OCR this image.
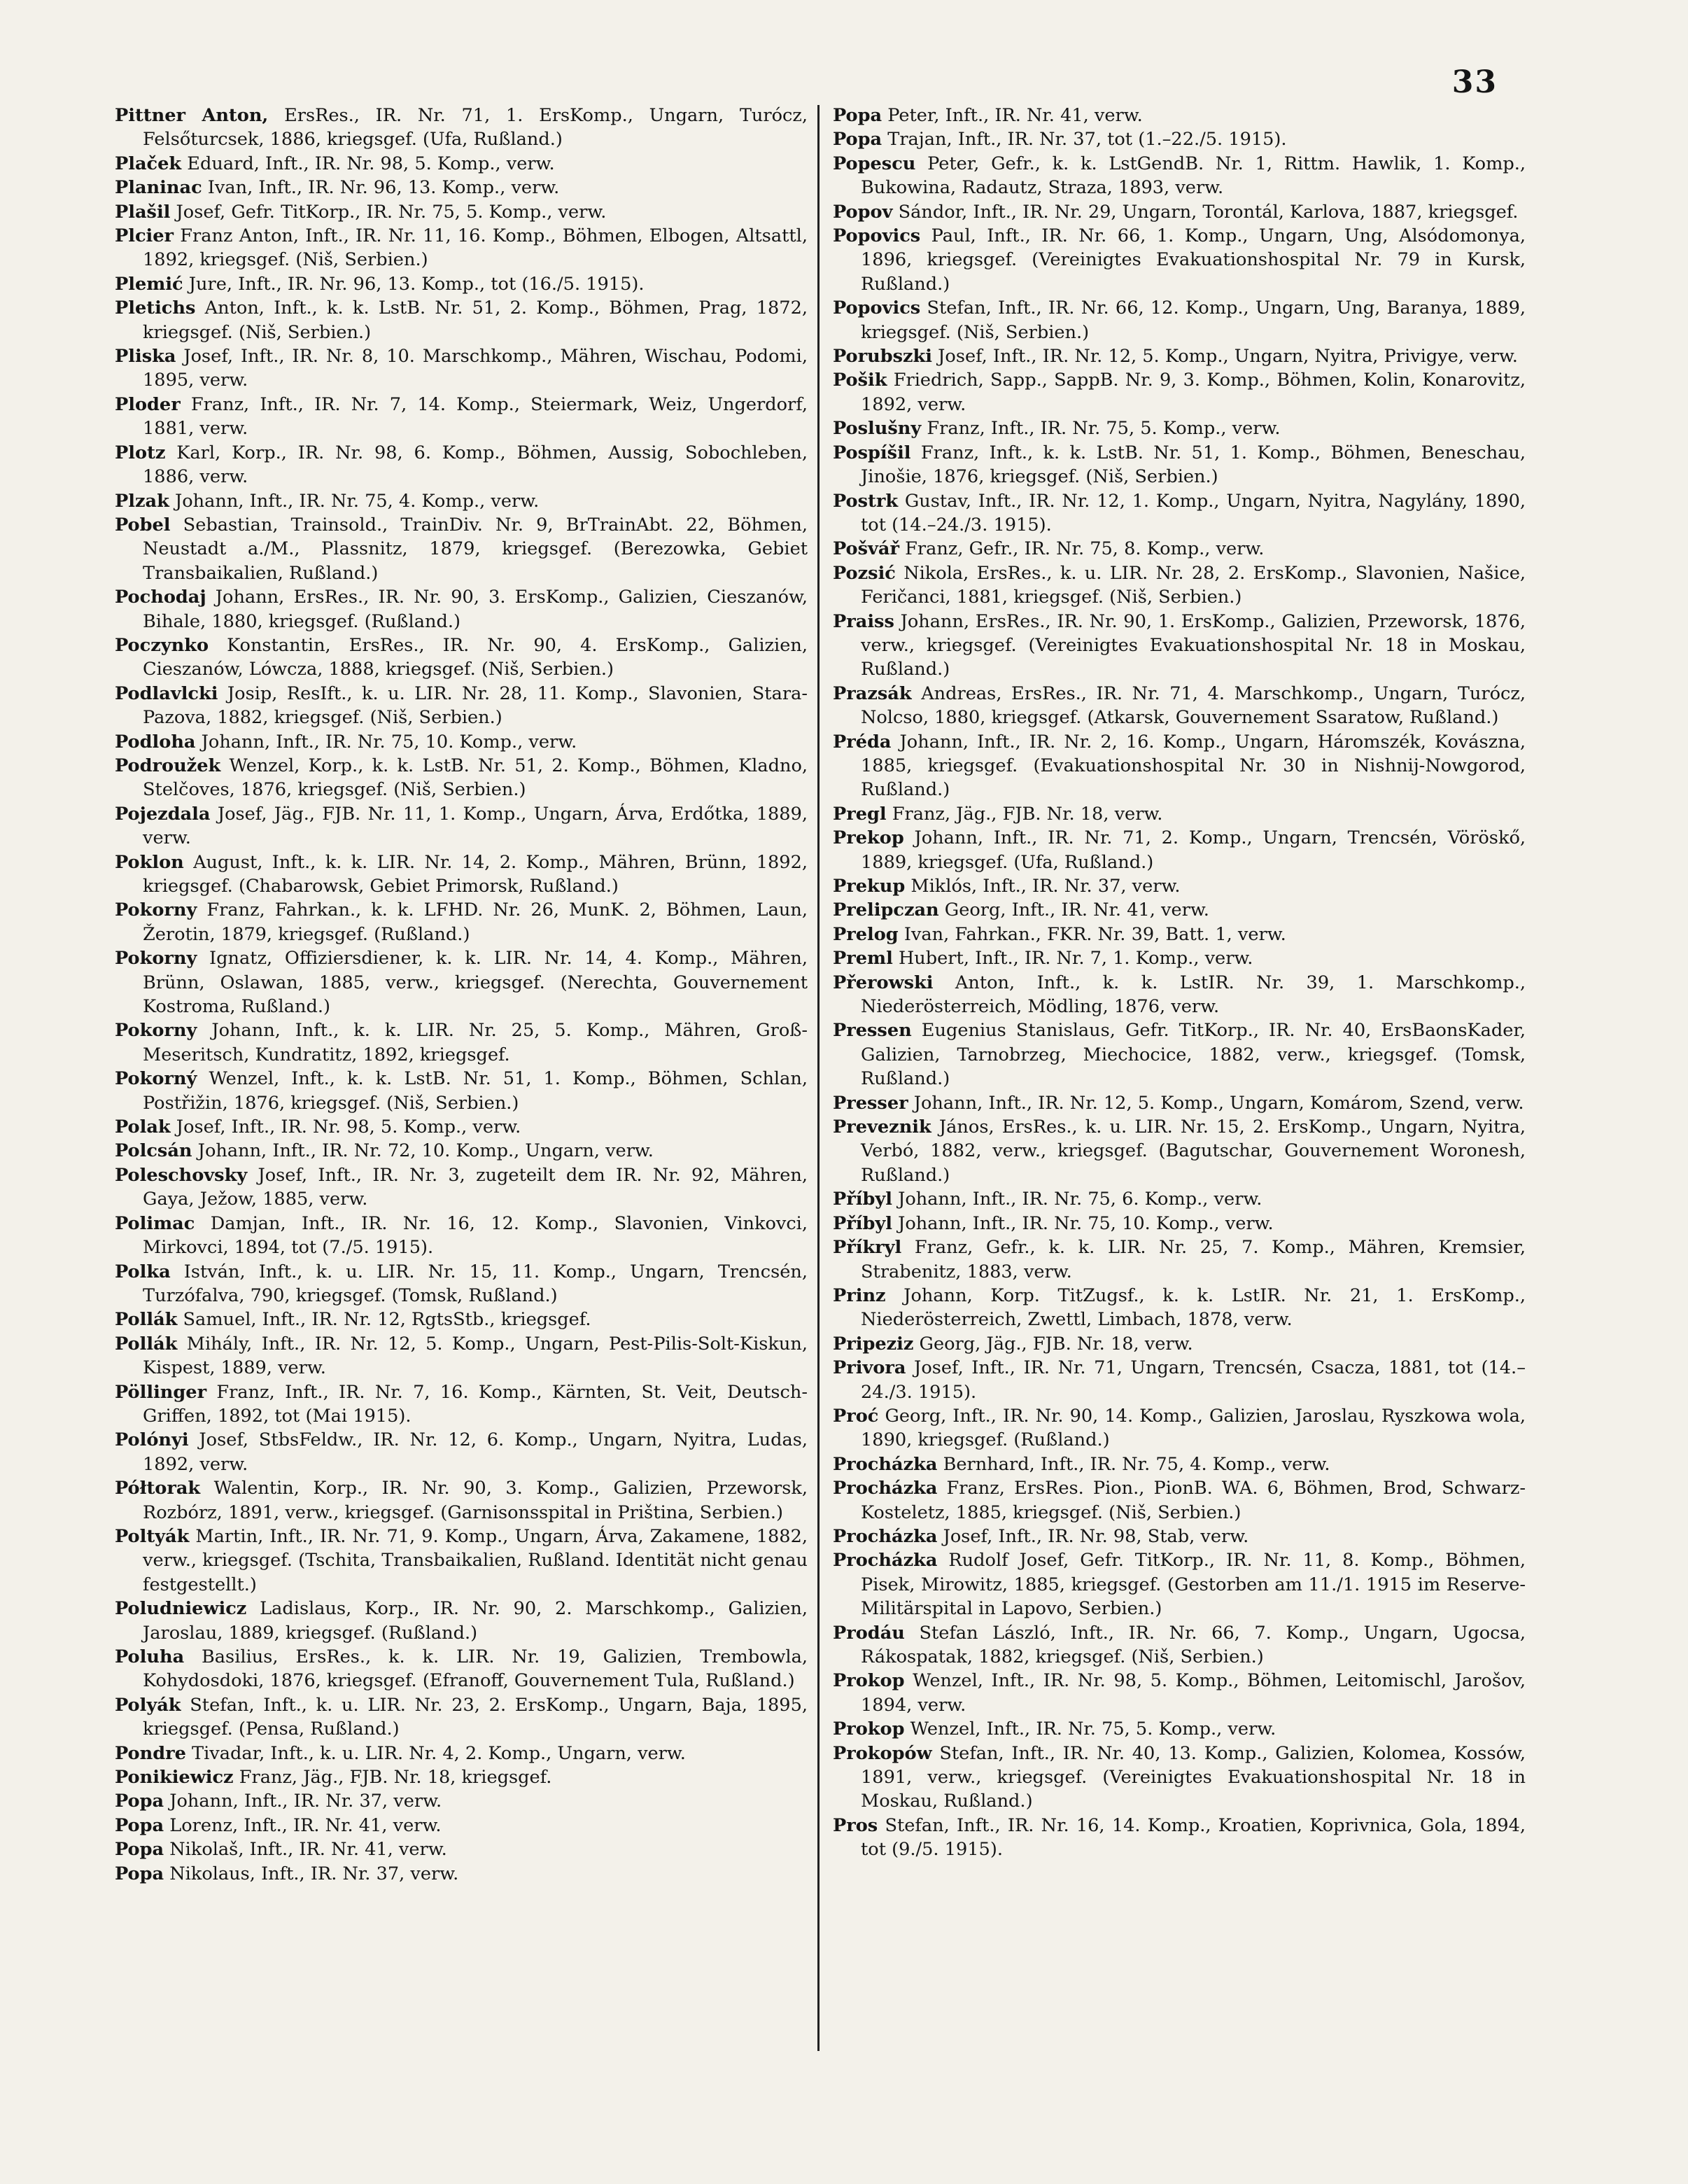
33

Pittner Anton, ErsRes., IR. Nr. 71, 1. ErsKomp., Ungarn, Turócz, Felsőturcsek, 1886, kriegsgef. (Ufa, Rußland.)

Plaček Eduard, Inft., IR. Nr. 98, 5. Komp., verw.

Planinac Ivan, Inft., IR. Nr. 96, 13. Komp., verw.

Plašil Josef, Gefr. TitKorp., IR. Nr. 75, 5. Komp., verw.

Plcier Franz Anton, Inft., IR. Nr. 11, 16. Komp., Böhmen, Elbogen, Altsattl, 1892, kriegsgef. (Niš, Serbien.)

Plemić Jure, Inft., IR. Nr. 96, 13. Komp., tot (16./5. 1915).

Pletichs Anton, Inft., k. k. LstB. Nr. 51, 2. Komp., Böhmen, Prag, 1872, kriegsgef. (Niš, Serbien.)

Pliska Josef, Inft., IR. Nr. 8, 10. Marschkomp., Mähren, Wischau, Podomi, 1895, verw.

Ploder Franz, Inft., IR. Nr. 7, 14. Komp., Steiermark, Weiz, Ungerdorf, 1881, verw.

Plotz Karl, Korp., IR. Nr. 98, 6. Komp., Böhmen, Aussig, Sobochleben, 1886, verw.

Plzak Johann, Inft., IR. Nr. 75, 4. Komp., verw.

Pobel Sebastian, Trainsold., TrainDiv. Nr. 9, BrTrainAbt. 22, Böhmen, Neustadt a./M., Plassnitz, 1879, kriegsgef. (Berezowka, Gebiet Transbaikalien, Rußland.)

Pochodaj Johann, ErsRes., IR. Nr. 90, 3. ErsKomp., Galizien, Cieszanów, Bihale, 1880, kriegsgef. (Rußland.)

Poczynko Konstantin, ErsRes., IR. Nr. 90, 4. ErsKomp., Galizien, Cieszanów, Lówcza, 1888, kriegsgef. (Niš, Serbien.)

Podlavlcki Josip, ResIft., k. u. LIR. Nr. 28, 11. Komp., Slavonien, Stara-Pazova, 1882, kriegsgef. (Niš, Serbien.)

Podloha Johann, Inft., IR. Nr. 75, 10. Komp., verw.

Podroužek Wenzel, Korp., k. k. LstB. Nr. 51, 2. Komp., Böhmen, Kladno, Stelčoves, 1876, kriegsgef. (Niš, Serbien.)

Pojezdala Josef, Jäg., FJB. Nr. 11, 1. Komp., Ungarn, Árva, Erdőtka, 1889, verw.

Poklon August, Inft., k. k. LIR. Nr. 14, 2. Komp., Mähren, Brünn, 1892, kriegsgef. (Chabarowsk, Gebiet Primorsk, Rußland.)

Pokorny Franz, Fahrkan., k. k. LFHD. Nr. 26, MunK. 2, Böhmen, Laun, Žerotin, 1879, kriegsgef. (Rußland.)

Pokorny Ignatz, Offiziersdiener, k. k. LIR. Nr. 14, 4. Komp., Mähren, Brünn, Oslawan, 1885, verw., kriegsgef. (Nerechta, Gouvernement Kostroma, Rußland.)

Pokorny Johann, Inft., k. k. LIR. Nr. 25, 5. Komp., Mähren, Groß-Meseritsch, Kundratitz, 1892, kriegsgef.

Pokorný Wenzel, Inft., k. k. LstB. Nr. 51, 1. Komp., Böhmen, Schlan, Postřižin, 1876, kriegsgef. (Niš, Serbien.)

Polak Josef, Inft., IR. Nr. 98, 5. Komp., verw.

Polcsán Johann, Inft., IR. Nr. 72, 10. Komp., Ungarn, verw.

Poleschovsky Josef, Inft., IR. Nr. 3, zugeteilt dem IR. Nr. 92, Mähren, Gaya, Ježow, 1885, verw.

Polimac Damjan, Inft., IR. Nr. 16, 12. Komp., Slavonien, Vinkovci, Mirkovci, 1894, tot (7./5. 1915).

Polka István, Inft., k. u. LIR. Nr. 15, 11. Komp., Ungarn, Trencsén, Turzófalva, 790, kriegsgef. (Tomsk, Rußland.)

Pollák Samuel, Inft., IR. Nr. 12, RgtsStb., kriegsgef.

Pollák Mihály, Inft., IR. Nr. 12, 5. Komp., Ungarn, Pest-Pilis-Solt-Kiskun, Kispest, 1889, verw.

Pöllinger Franz, Inft., IR. Nr. 7, 16. Komp., Kärnten, St. Veit, Deutsch-Griffen, 1892, tot (Mai 1915).

Polónyi Josef, StbsFeldw., IR. Nr. 12, 6. Komp., Ungarn, Nyitra, Ludas, 1892, verw.

Półtorak Walentin, Korp., IR. Nr. 90, 3. Komp., Galizien, Przeworsk, Rozbórz, 1891, verw., kriegsgef. (Garnisonsspital in Priština, Serbien.)

Poltyák Martin, Inft., IR. Nr. 71, 9. Komp., Ungarn, Árva, Zakamene, 1882, verw., kriegsgef. (Tschita, Transbaikalien, Rußland. Identität nicht genau festgestellt.)

Poludniewicz Ladislaus, Korp., IR. Nr. 90, 2. Marschkomp., Galizien, Jaroslau, 1889, kriegsgef. (Rußland.)

Poluha Basilius, ErsRes., k. k. LIR. Nr. 19, Galizien, Trembowla, Kohydosdoki, 1876, kriegsgef. (Efranoff, Gouvernement Tula, Rußland.)

Polyák Stefan, Inft., k. u. LIR. Nr. 23, 2. ErsKomp., Ungarn, Baja, 1895, kriegsgef. (Pensa, Rußland.)

Pondre Tivadar, Inft., k. u. LIR. Nr. 4, 2. Komp., Ungarn, verw.

Ponikiewicz Franz, Jäg., FJB. Nr. 18, kriegsgef.

Popa Johann, Inft., IR. Nr. 37, verw.

Popa Lorenz, Inft., IR. Nr. 41, verw.

Popa Nikolaš, Inft., IR. Nr. 41, verw.

Popa Nikolaus, Inft., IR. Nr. 37, verw.

Popa Peter, Inft., IR. Nr. 41, verw.

Popa Trajan, Inft., IR. Nr. 37, tot (1.–22./5. 1915).

Popescu Peter, Gefr., k. k. LstGendB. Nr. 1, Rittm. Hawlik, 1. Komp., Bukowina, Radautz, Straza, 1893, verw.

Popov Sándor, Inft., IR. Nr. 29, Ungarn, Torontál, Karlova, 1887, kriegsgef.

Popovics Paul, Inft., IR. Nr. 66, 1. Komp., Ungarn, Ung, Alsódomonya, 1896, kriegsgef. (Vereinigtes Evakuationshospital Nr. 79 in Kursk, Rußland.)

Popovics Stefan, Inft., IR. Nr. 66, 12. Komp., Ungarn, Ung, Baranya, 1889, kriegsgef. (Niš, Serbien.)

Porubszki Josef, Inft., IR. Nr. 12, 5. Komp., Ungarn, Nyitra, Privigye, verw.

Pošik Friedrich, Sapp., SappB. Nr. 9, 3. Komp., Böhmen, Kolin, Konarovitz, 1892, verw.

Poslušny Franz, Inft., IR. Nr. 75, 5. Komp., verw.

Pospíšil Franz, Inft., k. k. LstB. Nr. 51, 1. Komp., Böhmen, Beneschau, Jinošie, 1876, kriegsgef. (Niš, Serbien.)

Postrk Gustav, Inft., IR. Nr. 12, 1. Komp., Ungarn, Nyitra, Nagylány, 1890, tot (14.–24./3. 1915).

Pošvář Franz, Gefr., IR. Nr. 75, 8. Komp., verw.

Pozsić Nikola, ErsRes., k. u. LIR. Nr. 28, 2. ErsKomp., Slavonien, Našice, Feričanci, 1881, kriegsgef. (Niš, Serbien.)

Praiss Johann, ErsRes., IR. Nr. 90, 1. ErsKomp., Galizien, Przeworsk, 1876, verw., kriegsgef. (Vereinigtes Evakuationshospital Nr. 18 in Moskau, Rußland.)

Prazsák Andreas, ErsRes., IR. Nr. 71, 4. Marschkomp., Ungarn, Turócz, Nolcso, 1880, kriegsgef. (Atkarsk, Gouvernement Ssaratow, Rußland.)

Préda Johann, Inft., IR. Nr. 2, 16. Komp., Ungarn, Háromszék, Kovászna, 1885, kriegsgef. (Evakuationshospital Nr. 30 in Nishnij-Nowgorod, Rußland.)

Pregl Franz, Jäg., FJB. Nr. 18, verw.

Prekop Johann, Inft., IR. Nr. 71, 2. Komp., Ungarn, Trencsén, Vöröskő, 1889, kriegsgef. (Ufa, Rußland.)

Prekup Miklós, Inft., IR. Nr. 37, verw.

Prelipczan Georg, Inft., IR. Nr. 41, verw.

Prelog Ivan, Fahrkan., FKR. Nr. 39, Batt. 1, verw.

Preml Hubert, Inft., IR. Nr. 7, 1. Komp., verw.

Přerowski Anton, Inft., k. k. LstIR. Nr. 39, 1. Marschkomp., Niederösterreich, Mödling, 1876, verw.

Pressen Eugenius Stanislaus, Gefr. TitKorp., IR. Nr. 40, ErsBaonsKader, Galizien, Tarnobrzeg, Miechocice, 1882, verw., kriegsgef. (Tomsk, Rußland.)

Presser Johann, Inft., IR. Nr. 12, 5. Komp., Ungarn, Komárom, Szend, verw.

Preveznik János, ErsRes., k. u. LIR. Nr. 15, 2. ErsKomp., Ungarn, Nyitra, Verbó, 1882, verw., kriegsgef. (Bagutschar, Gouvernement Woronesh, Rußland.)

Příbyl Johann, Inft., IR. Nr. 75, 6. Komp., verw.

Příbyl Johann, Inft., IR. Nr. 75, 10. Komp., verw.

Příkryl Franz, Gefr., k. k. LIR. Nr. 25, 7. Komp., Mähren, Kremsier, Strabenitz, 1883, verw.

Prinz Johann, Korp. TitZugsf., k. k. LstIR. Nr. 21, 1. ErsKomp., Niederösterreich, Zwettl, Limbach, 1878, verw.

Pripeziz Georg, Jäg., FJB. Nr. 18, verw.

Privora Josef, Inft., IR. Nr. 71, Ungarn, Trencsén, Csacza, 1881, tot (14.–24./3. 1915).

Proć Georg, Inft., IR. Nr. 90, 14. Komp., Galizien, Jaroslau, Ryszkowa wola, 1890, kriegsgef. (Rußland.)

Procházka Bernhard, Inft., IR. Nr. 75, 4. Komp., verw.

Procházka Franz, ErsRes. Pion., PionB. WA. 6, Böhmen, Brod, Schwarz-Kosteletz, 1885, kriegsgef. (Niš, Serbien.)

Procházka Josef, Inft., IR. Nr. 98, Stab, verw.

Procházka Rudolf Josef, Gefr. TitKorp., IR. Nr. 11, 8. Komp., Böhmen, Pisek, Mirowitz, 1885, kriegsgef. (Gestorben am 11./1. 1915 im Reserve-Militärspital in Lapovo, Serbien.)

Prodáu Stefan László, Inft., IR. Nr. 66, 7. Komp., Ungarn, Ugocsa, Rákospatak, 1882, kriegsgef. (Niš, Serbien.)

Prokop Wenzel, Inft., IR. Nr. 98, 5. Komp., Böhmen, Leitomischl, Jarošov, 1894, verw.

Prokop Wenzel, Inft., IR. Nr. 75, 5. Komp., verw.

Prokopów Stefan, Inft., IR. Nr. 40, 13. Komp., Galizien, Kolomea, Kossów, 1891, verw., kriegsgef. (Vereinigtes Evakuationshospital Nr. 18 in Moskau, Rußland.)

Pros Stefan, Inft., IR. Nr. 16, 14. Komp., Kroatien, Koprivnica, Gola, 1894, tot (9./5. 1915).
